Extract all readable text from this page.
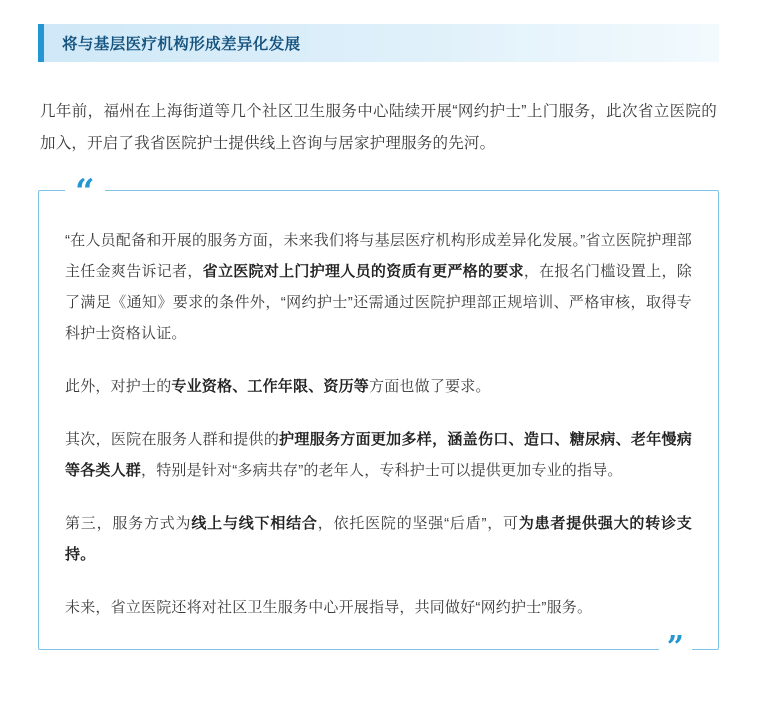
将与基层医疗机构形成差异化发展

几年前，福州在上海街道等几个社区卫生服务中心陆续开展“网约护士”上门服务，此次省立医院的加入，开启了我省医院护士提供线上咨询与居家护理服务的先河。

“

“在人员配备和开展的服务方面，未来我们将与基层医疗机构形成差异化发展。”省立医院护理部主任金爽告诉记者，省立医院对上门护理人员的资质有更严格的要求，在报名门槛设置上，除了满足《通知》要求的条件外，“网约护士”还需通过医院护理部正规培训、严格审核，取得专科护士资格认证。

此外，对护士的专业资格、工作年限、资历等方面也做了要求。

其次，医院在服务人群和提供的护理服务方面更加多样，涵盖伤口、造口、糖尿病、老年慢病等各类人群，特别是针对“多病共存”的老年人，专科护士可以提供更加专业的指导。

第三，服务方式为线上与线下相结合，依托医院的坚强“后盾”，可为患者提供强大的转诊支持。

未来，省立医院还将对社区卫生服务中心开展指导，共同做好“网约护士”服务。

”
